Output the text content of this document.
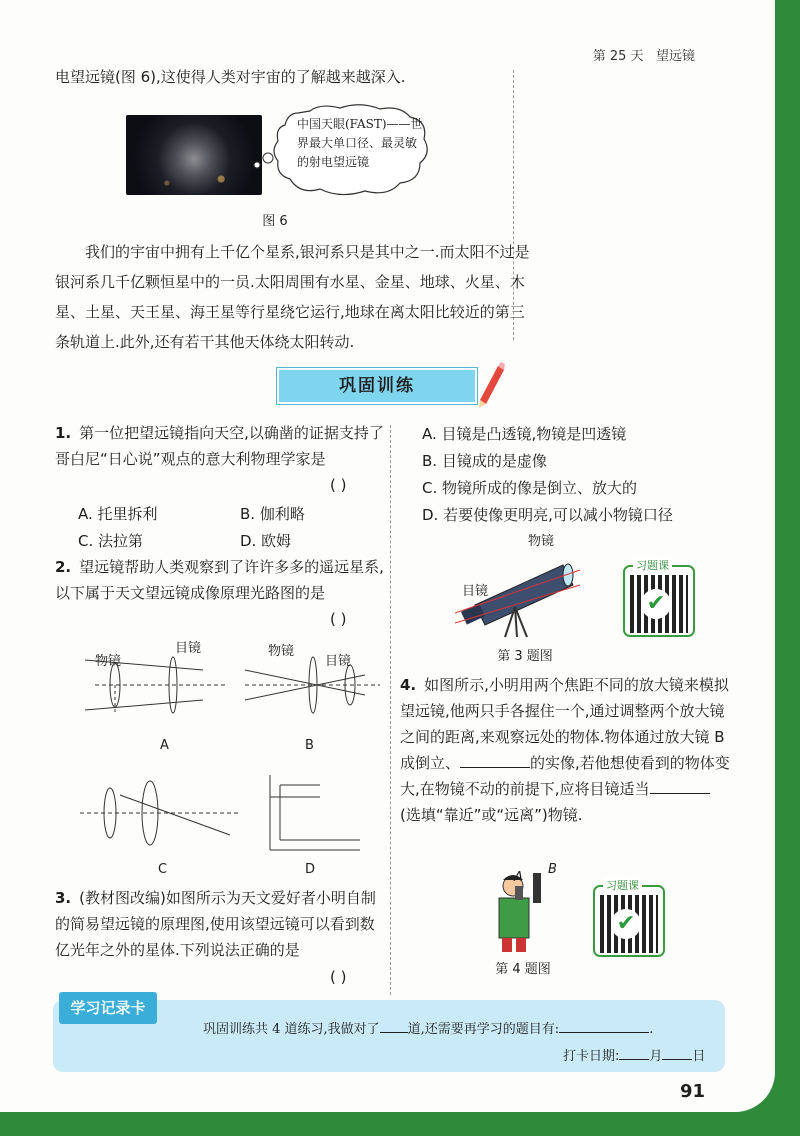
第 25 天 望远镜
电望远镜(图 6),这使得人类对宇宙的了解越来越深入.
中国天眼(FAST)——世界最大单口径、最灵敏的射电望远镜
图 6
我们的宇宙中拥有上千亿个星系,银河系只是其中之一.而太阳不过是银河系几千亿颗恒星中的一员.太阳周围有水星、金星、地球、火星、木星、土星、天王星、海王星等行星绕它运行,地球在离太阳比较近的第三条轨道上.此外,还有若干其他天体绕太阳转动.
巩固训练
1. 第一位把望远镜指向天空,以确凿的证据支持了哥白尼“日心说”观点的意大利物理学家是
( )
A. 托里拆利	B. 伽利略
C. 法拉第	D. 欧姆
2. 望远镜帮助人类观察到了许许多多的遥远星系,以下属于天文望远镜成像原理光路图的是
( )
物镜
目镜	物镜
目镜
A	B
C	D
3. (教材图改编)如图所示为天文爱好者小明自制的简易望远镜的原理图,使用该望远镜可以看到数亿光年之外的星体.下列说法正确的是
( )
A. 目镜是凸透镜,物镜是凹透镜
B. 目镜成的是虚像
C. 物镜所成的像是倒立、放大的
D. 若要使像更明亮,可以减小物镜口径
物镜
目镜
第 3 题图
习题课
✔
4. 如图所示,小明用两个焦距不同的放大镜来模拟望远镜,他两只手各握住一个,通过调整两个放大镜之间的距离,来观察远处的物体.物体通过放大镜 B 成倒立、	的实像,若他想使看到的物体变大,在物镜不动的前提下,应将目镜适当(选填“靠近”或“远离”)物镜.
A
B
第 4 题图
习题课
✔
学习记录卡
巩固训练共 4 道练习,我做对了 道,还需要再学习的题目有:	.
打卡日期: 月 日
91
